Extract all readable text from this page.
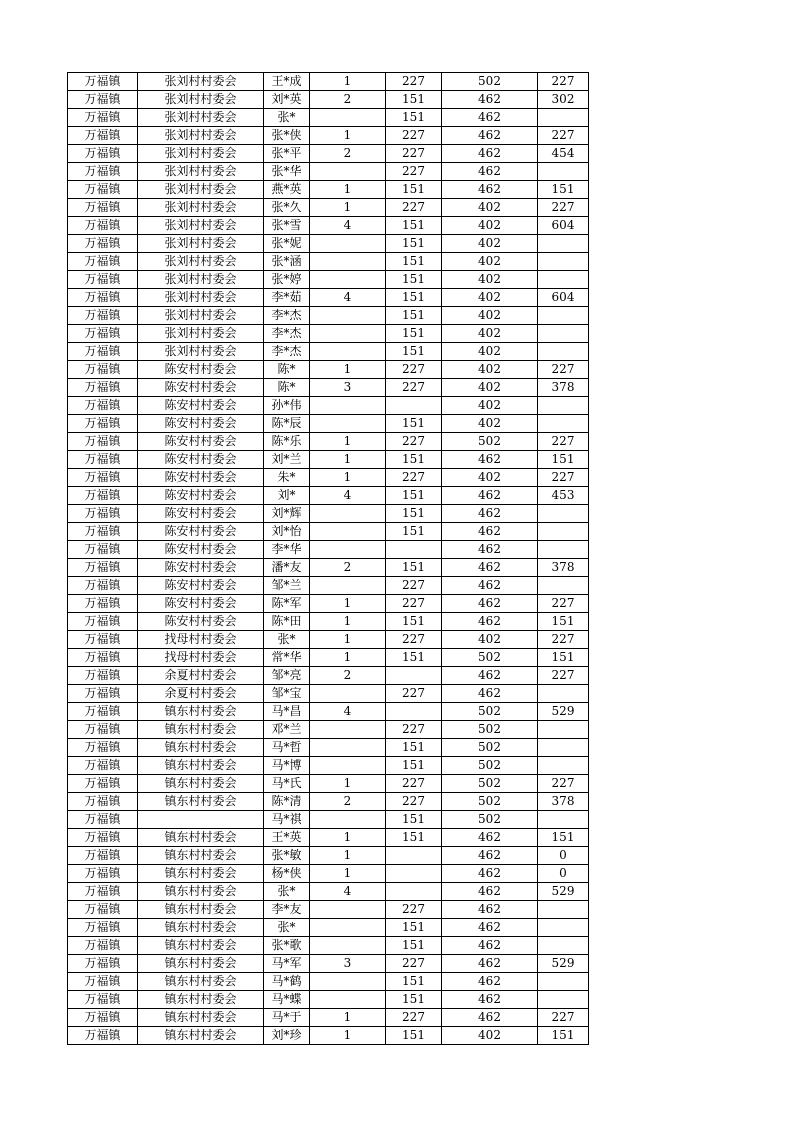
万福镇	张刘村村委会	王*成	1	227	502	227
万福镇	张刘村村委会	刘*英	2	151	462	302
万福镇	张刘村村委会	张*		151	462	
万福镇	张刘村村委会	张*侠	1	227	462	227
万福镇	张刘村村委会	张*平	2	227	462	454
万福镇	张刘村村委会	张*华		227	462	
万福镇	张刘村村委会	燕*英	1	151	462	151
万福镇	张刘村村委会	张*久	1	227	402	227
万福镇	张刘村村委会	张*雪	4	151	402	604
万福镇	张刘村村委会	张*妮		151	402	
万福镇	张刘村村委会	张*涵		151	402	
万福镇	张刘村村委会	张*婷		151	402	
万福镇	张刘村村委会	李*茹	4	151	402	604
万福镇	张刘村村委会	李*杰		151	402	
万福镇	张刘村村委会	李*杰		151	402	
万福镇	张刘村村委会	李*杰		151	402	
万福镇	陈安村村委会	陈*	1	227	402	227
万福镇	陈安村村委会	陈*	3	227	402	378
万福镇	陈安村村委会	孙*伟			402	
万福镇	陈安村村委会	陈*辰		151	402	
万福镇	陈安村村委会	陈*乐	1	227	502	227
万福镇	陈安村村委会	刘*兰	1	151	462	151
万福镇	陈安村村委会	朱*	1	227	402	227
万福镇	陈安村村委会	刘*	4	151	462	453
万福镇	陈安村村委会	刘*辉		151	462	
万福镇	陈安村村委会	刘*怡		151	462	
万福镇	陈安村村委会	李*华			462	
万福镇	陈安村村委会	潘*友	2	151	462	378
万福镇	陈安村村委会	邹*兰		227	462	
万福镇	陈安村村委会	陈*军	1	227	462	227
万福镇	陈安村村委会	陈*田	1	151	462	151
万福镇	找母村村委会	张*	1	227	402	227
万福镇	找母村村委会	常*华	1	151	502	151
万福镇	余夏村村委会	邹*亮	2		462	227
万福镇	余夏村村委会	邹*宝		227	462	
万福镇	镇东村村委会	马*昌	4		502	529
万福镇	镇东村村委会	邓*兰		227	502	
万福镇	镇东村村委会	马*哲		151	502	
万福镇	镇东村村委会	马*博		151	502	
万福镇	镇东村村委会	马*氏	1	227	502	227
万福镇	镇东村村委会	陈*清	2	227	502	378
万福镇		马*祺		151	502	
万福镇	镇东村村委会	王*英	1	151	462	151
万福镇	镇东村村委会	张*敏	1		462	0
万福镇	镇东村村委会	杨*侠	1		462	0
万福镇	镇东村村委会	张*	4		462	529
万福镇	镇东村村委会	李*友		227	462	
万福镇	镇东村村委会	张*		151	462	
万福镇	镇东村村委会	张*歌		151	462	
万福镇	镇东村村委会	马*军	3	227	462	529
万福镇	镇东村村委会	马*鹤		151	462	
万福镇	镇东村村委会	马*蝶		151	462	
万福镇	镇东村村委会	马*于	1	227	462	227
万福镇	镇东村村委会	刘*珍	1	151	402	151
